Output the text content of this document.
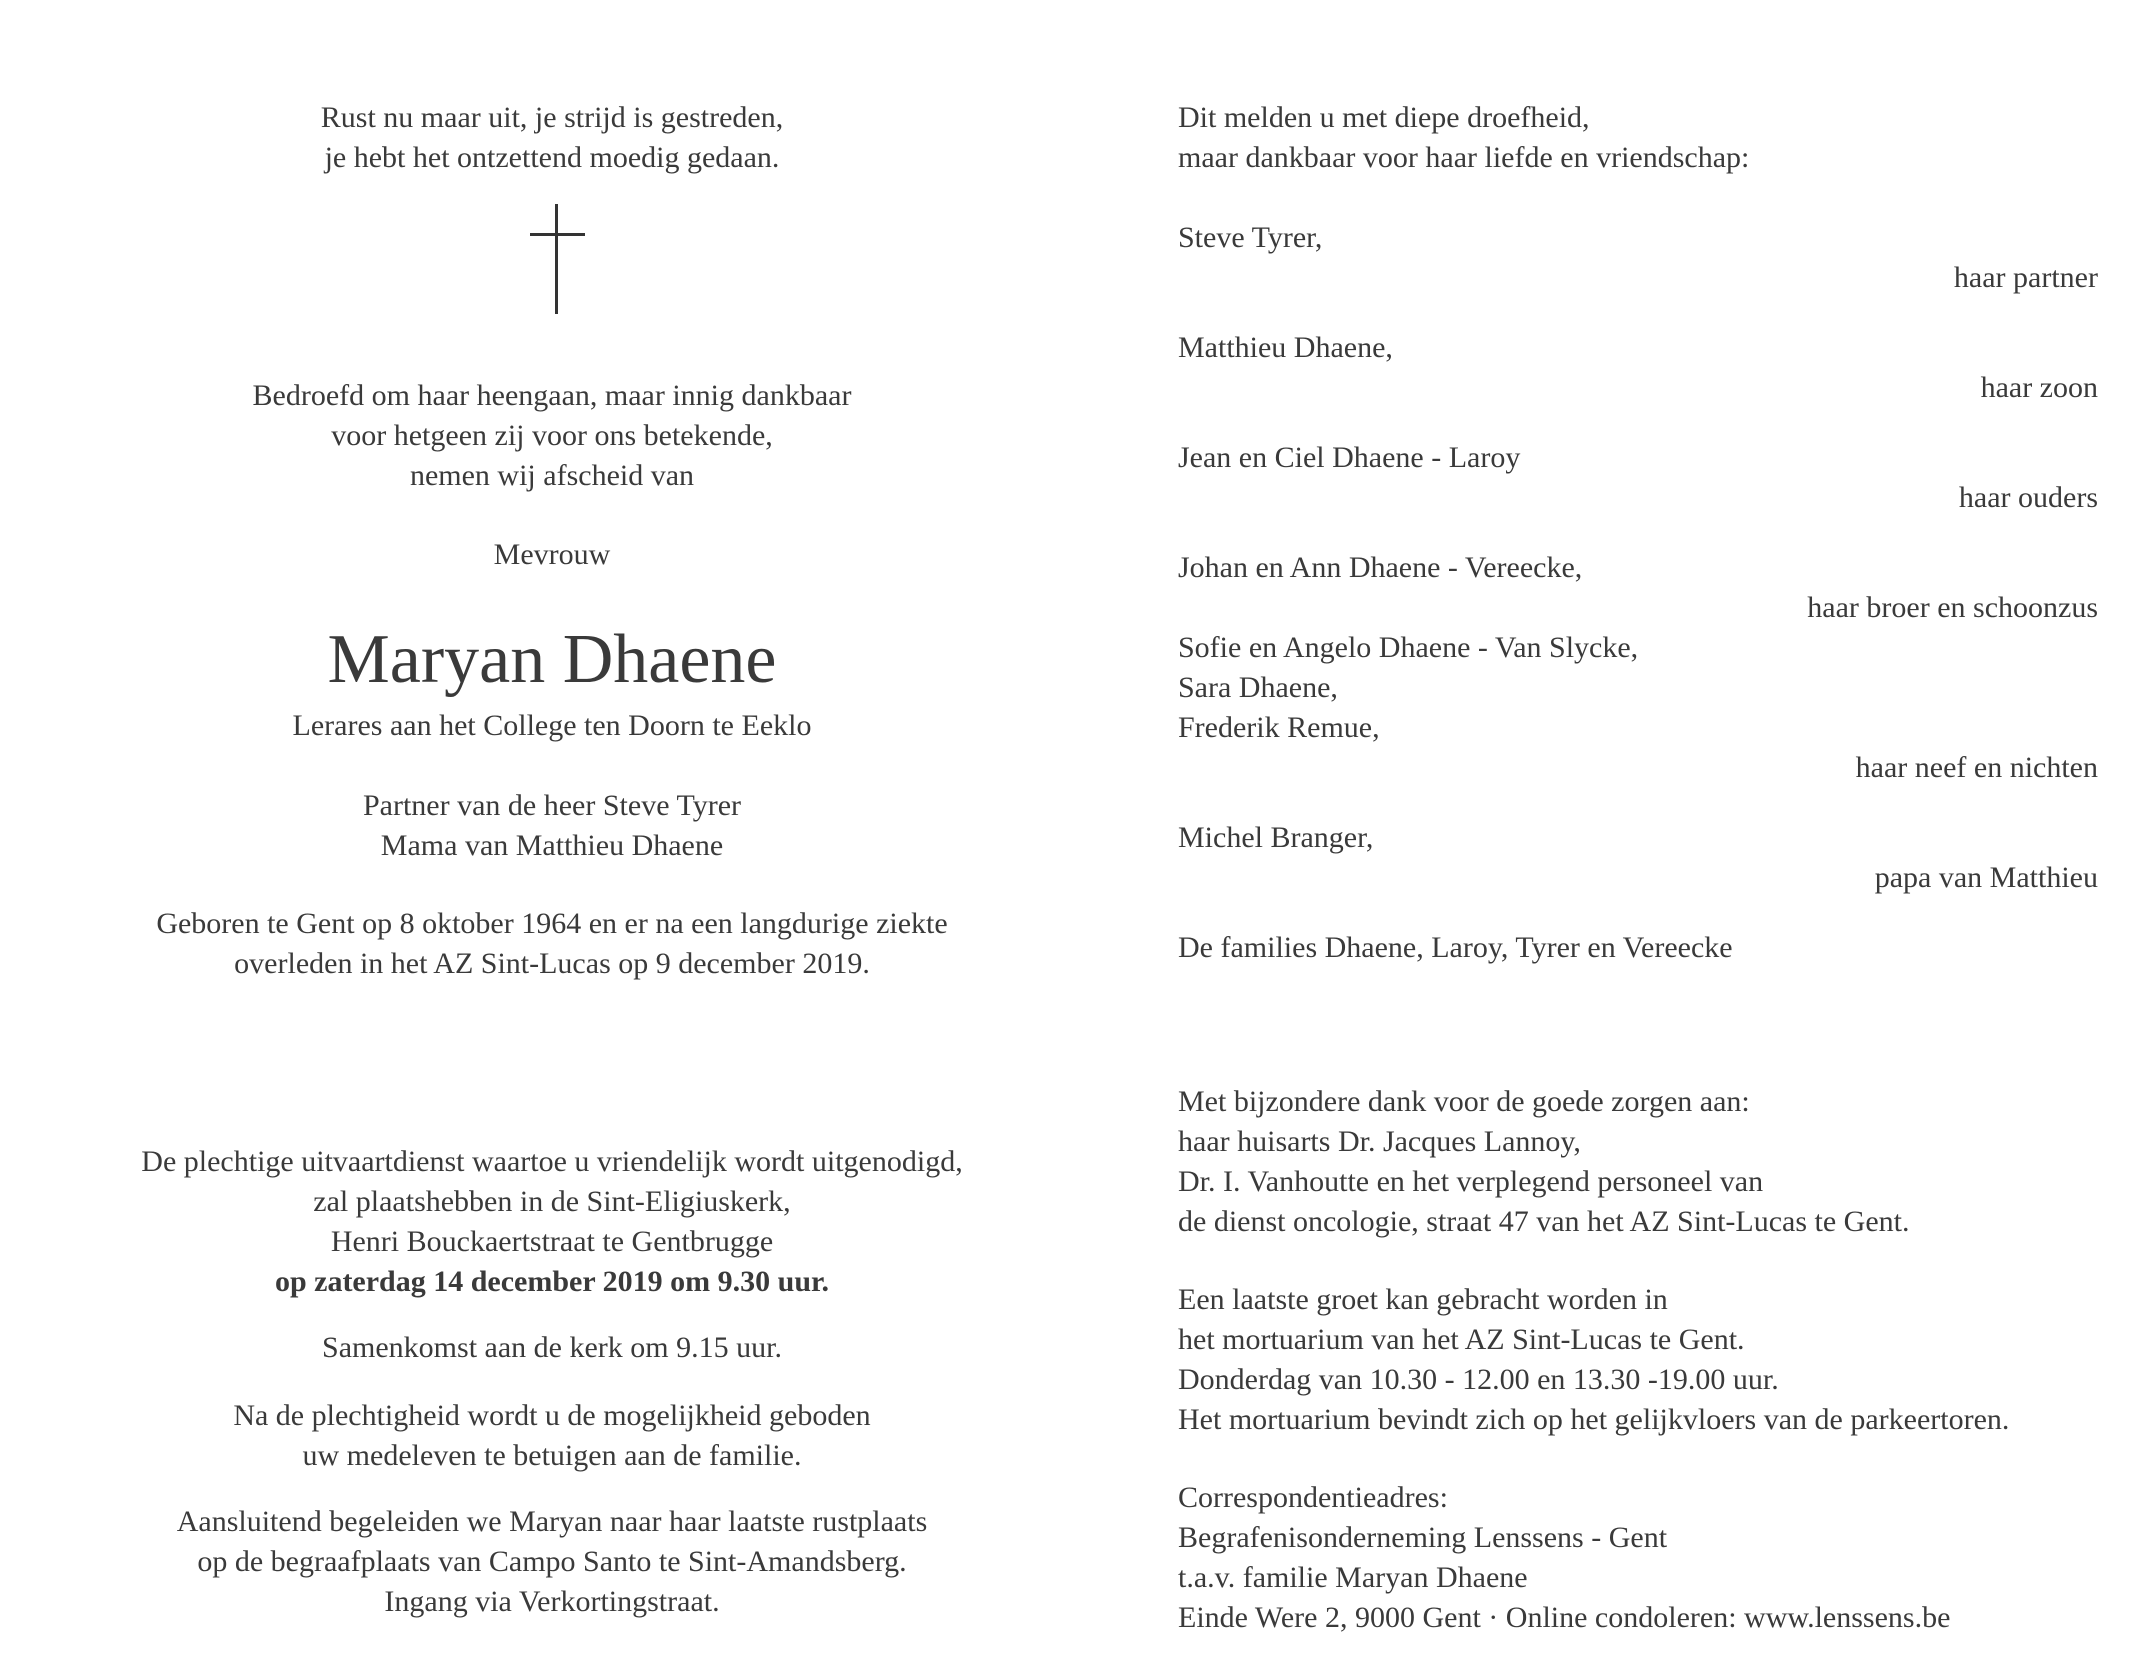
Rust nu maar uit, je strijd is gestreden,
je hebt het ontzettend moedig gedaan.
Bedroefd om haar heengaan, maar innig dankbaar
voor hetgeen zij voor ons betekende,
nemen wij afscheid van
Mevrouw
Maryan Dhaene
Lerares aan het College ten Doorn te Eeklo
Partner van de heer Steve Tyrer
Mama van Matthieu Dhaene
Geboren te Gent op 8 oktober 1964 en er na een langdurige ziekte
overleden in het AZ Sint-Lucas op 9 december 2019.
De plechtige uitvaartdienst waartoe u vriendelijk wordt uitgenodigd,
zal plaatshebben in de Sint-Eligiuskerk,
Henri Bouckaertstraat te Gentbrugge
op zaterdag 14 december 2019 om 9.30 uur.
Samenkomst aan de kerk om 9.15 uur.
Na de plechtigheid wordt u de mogelijkheid geboden
uw medeleven te betuigen aan de familie.
Aansluitend begeleiden we Maryan naar haar laatste rustplaats
op de begraafplaats van Campo Santo te Sint-Amandsberg.
Ingang via Verkortingstraat.
Dit melden u met diepe droefheid,
maar dankbaar voor haar liefde en vriendschap:
Steve Tyrer,
haar partner
Matthieu Dhaene,
haar zoon
Jean en Ciel Dhaene - Laroy
haar ouders
Johan en Ann Dhaene - Vereecke,
haar broer en schoonzus
Sofie en Angelo Dhaene - Van Slycke,
Sara Dhaene,
Frederik Remue,
haar neef en nichten
Michel Branger,
papa van Matthieu
De families Dhaene, Laroy, Tyrer en Vereecke
Met bijzondere dank voor de goede zorgen aan:
haar huisarts Dr. Jacques Lannoy,
Dr. I. Vanhoutte en het verplegend personeel van
de dienst oncologie, straat 47 van het AZ Sint-Lucas te Gent.
Een laatste groet kan gebracht worden in
het mortuarium van het AZ Sint-Lucas te Gent.
Donderdag van 10.30 - 12.00 en 13.30 -19.00 uur.
Het mortuarium bevindt zich op het gelijkvloers van de parkeertoren.
Correspondentieadres:
Begrafenisonderneming Lenssens - Gent
t.a.v. familie Maryan Dhaene
Einde Were 2, 9000 Gent · Online condoleren: www.lenssens.be
